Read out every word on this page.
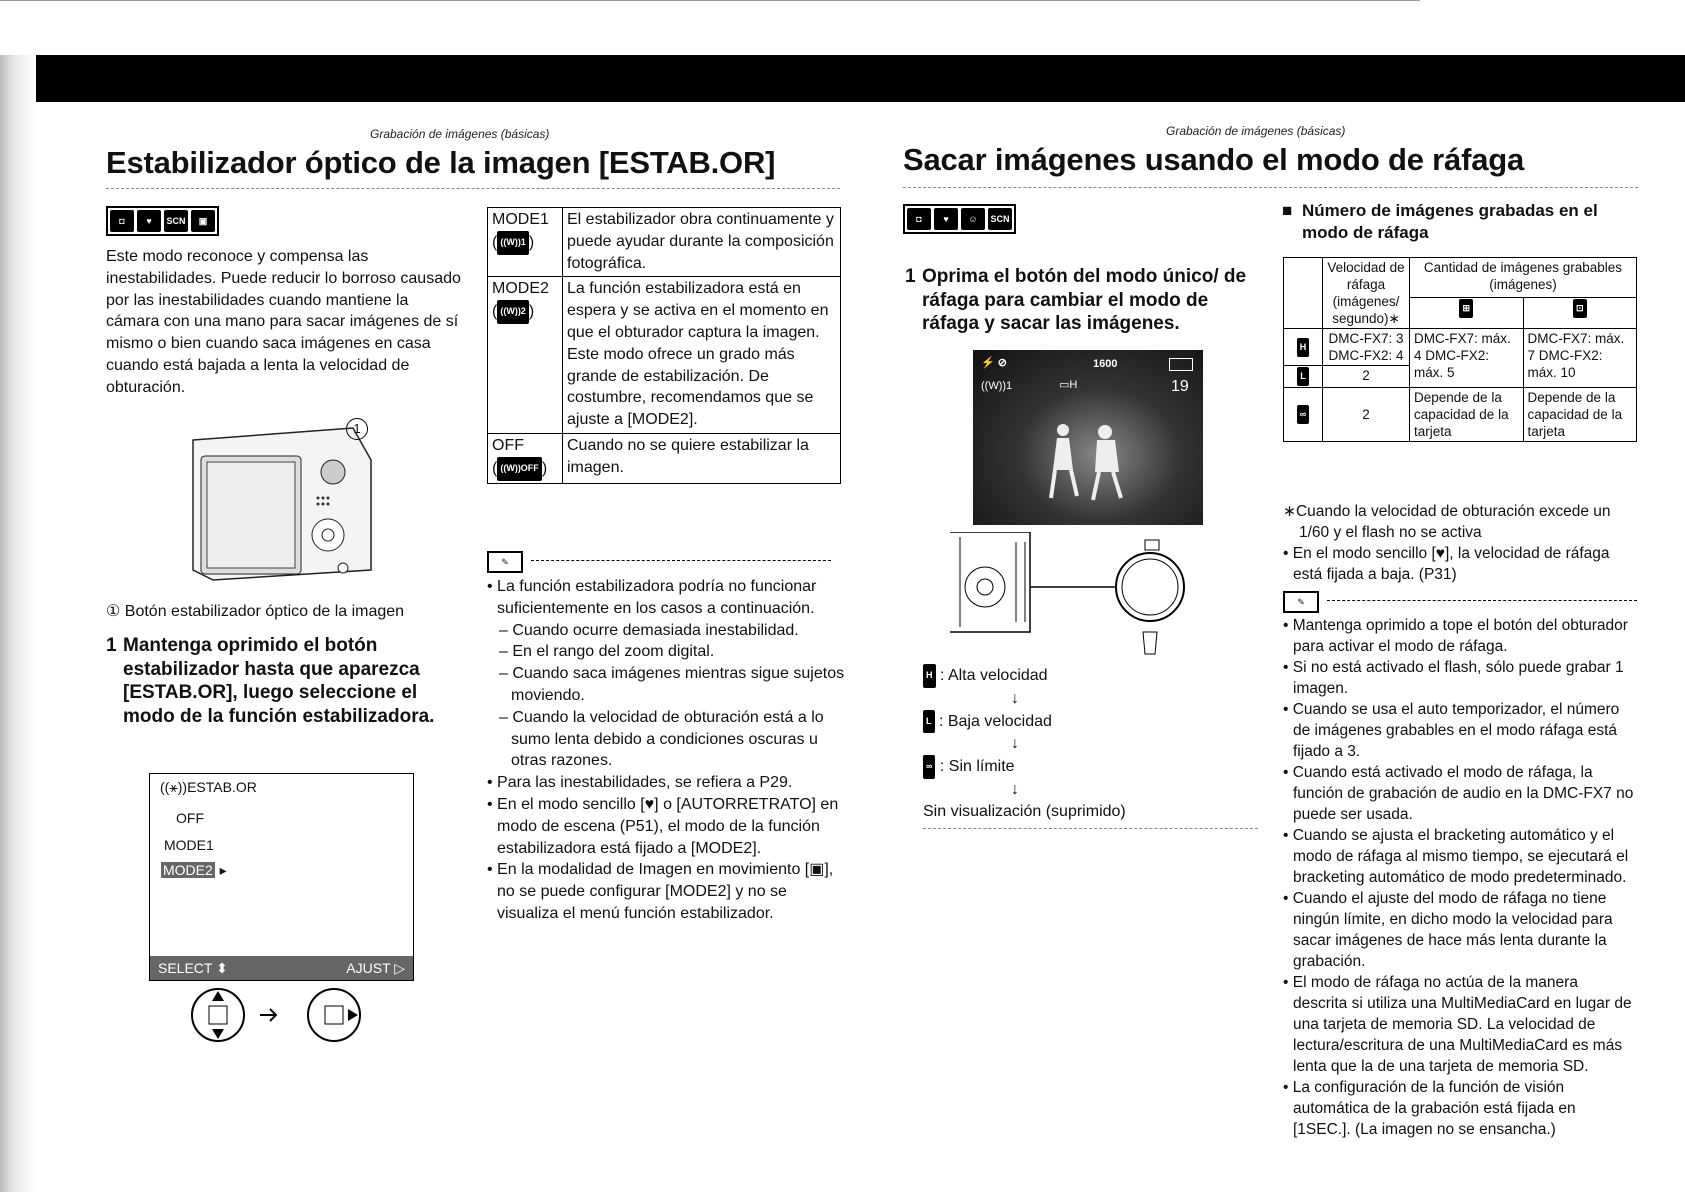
Grabación de imágenes (básicas)
Estabilizador óptico de la imagen [ESTAB.OR]
◘	♥	SCN	▣
Este modo reconoce y compensa las inestabilidades. Puede reducir lo borroso causado por las inestabilidades cuando mantiene la cámara con una mano para sacar imágenes de sí mismo o bien cuando saca imágenes en casa cuando está bajada a lenta la velocidad de obturación.
1
① Botón estabilizador óptico de la imagen
1 Mantenga oprimido el botón estabilizador hasta que aparezca [ESTAB.OR], luego seleccione el modo de la función estabilizadora.
((⚹))ESTAB.OR
OFF
MODE1
MODE2 ▸
SELECT ⬍	AJUST ▷
MODE1
( ((W))1 )	El estabilizador obra continuamente y puede ayudar durante la composición fotográfica.

MODE2
( ((W))2 )	La función estabilizadora está en espera y se activa en el momento en que el obturador captura la imagen. Este modo ofrece un grado más grande de estabilización. De costumbre, recomendamos que se ajuste a [MODE2].

OFF
( ((W))OFF )	Cuando no se quiere estabilizar la imagen.
✎
• La función estabilizadora podría no funcionar suficientemente en los casos a continuación.
– Cuando ocurre demasiada inestabilidad.
– En el rango del zoom digital.
– Cuando saca imágenes mientras sigue sujetos moviendo.
– Cuando la velocidad de obturación está a lo sumo lenta debido a condiciones oscuras u otras razones.
• Para las inestabilidades, se refiera a P29.
• En el modo sencillo [♥] o [AUTORRETRATO] en modo de escena (P51), el modo de la función estabilizadora está fijado a [MODE2].
• En la modalidad de Imagen en movimiento [▣], no se puede configurar [MODE2] y no se visualiza el menú función estabilizador.
Grabación de imágenes (básicas)
Sacar imágenes usando el modo de ráfaga
◘	♥	☺	SCN
1 Oprima el botón del modo único/ de ráfaga para cambiar el modo de ráfaga y sacar las imágenes.
⚡ ⊘
((W))1
1600
19
▭H
H : Alta velocidad
↓
L : Baja velocidad
↓
∞ : Sin límite
↓
Sin visualización (suprimido)
■ Número de imágenes grabadas en el modo de ráfaga
	Velocidad de ráfaga (imágenes/ segundo)∗	Cantidad de imágenes grabables (imágenes)	
		⊞	⊡
H	DMC-FX7: 3 DMC-FX2: 4	DMC-FX7: máx. 4 DMC-FX2: máx. 5	DMC-FX7: máx. 7 DMC-FX2: máx. 10
L	2		
∞	2	Depende de la capacidad de la tarjeta	Depende de la capacidad de la tarjeta
∗Cuando la velocidad de obturación excede un 1/60 y el flash no se activa
• En el modo sencillo [♥], la velocidad de ráfaga está fijada a baja. (P31)
✎
• Mantenga oprimido a tope el botón del obturador para activar el modo de ráfaga.
• Si no está activado el flash, sólo puede grabar 1 imagen.
• Cuando se usa el auto temporizador, el número de imágenes grabables en el modo ráfaga está fijado a 3.
• Cuando está activado el modo de ráfaga, la función de grabación de audio en la DMC-FX7 no puede ser usada.
• Cuando se ajusta el bracketing automático y el modo de ráfaga al mismo tiempo, se ejecutará el bracketing automático de modo predeterminado.
• Cuando el ajuste del modo de ráfaga no tiene ningún límite, en dicho modo la velocidad para sacar imágenes de hace más lenta durante la grabación.
• El modo de ráfaga no actúa de la manera descrita si utiliza una MultiMediaCard en lugar de una tarjeta de memoria SD. La velocidad de lectura/escritura de una MultiMediaCard es más lenta que la de una tarjeta de memoria SD.
• La configuración de la función de visión automática de la grabación está fijada en [1SEC.]. (La imagen no se ensancha.)
